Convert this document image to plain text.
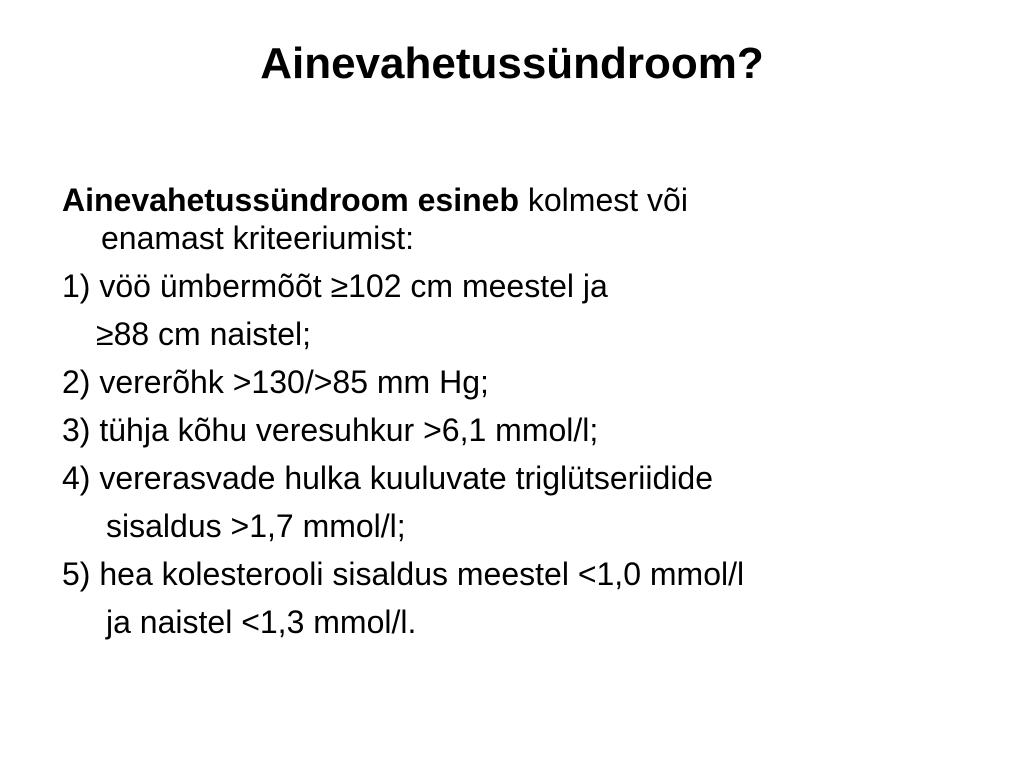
Ainevahetussündroom?
Ainevahetussündroom esineb kolmest või
enamast kriteeriumist:
1) vöö ümbermõõt ≥102 cm meestel ja
≥88 cm naistel;
2) vererõhk >130/>85 mm Hg;
3) tühja kõhu veresuhkur >6,1 mmol/l;
4) vererasvade hulka kuuluvate triglütseriidide
sisaldus >1,7 mmol/l;
5) hea kolesterooli sisaldus meestel <1,0 mmol/l
ja naistel <1,3 mmol/l.
